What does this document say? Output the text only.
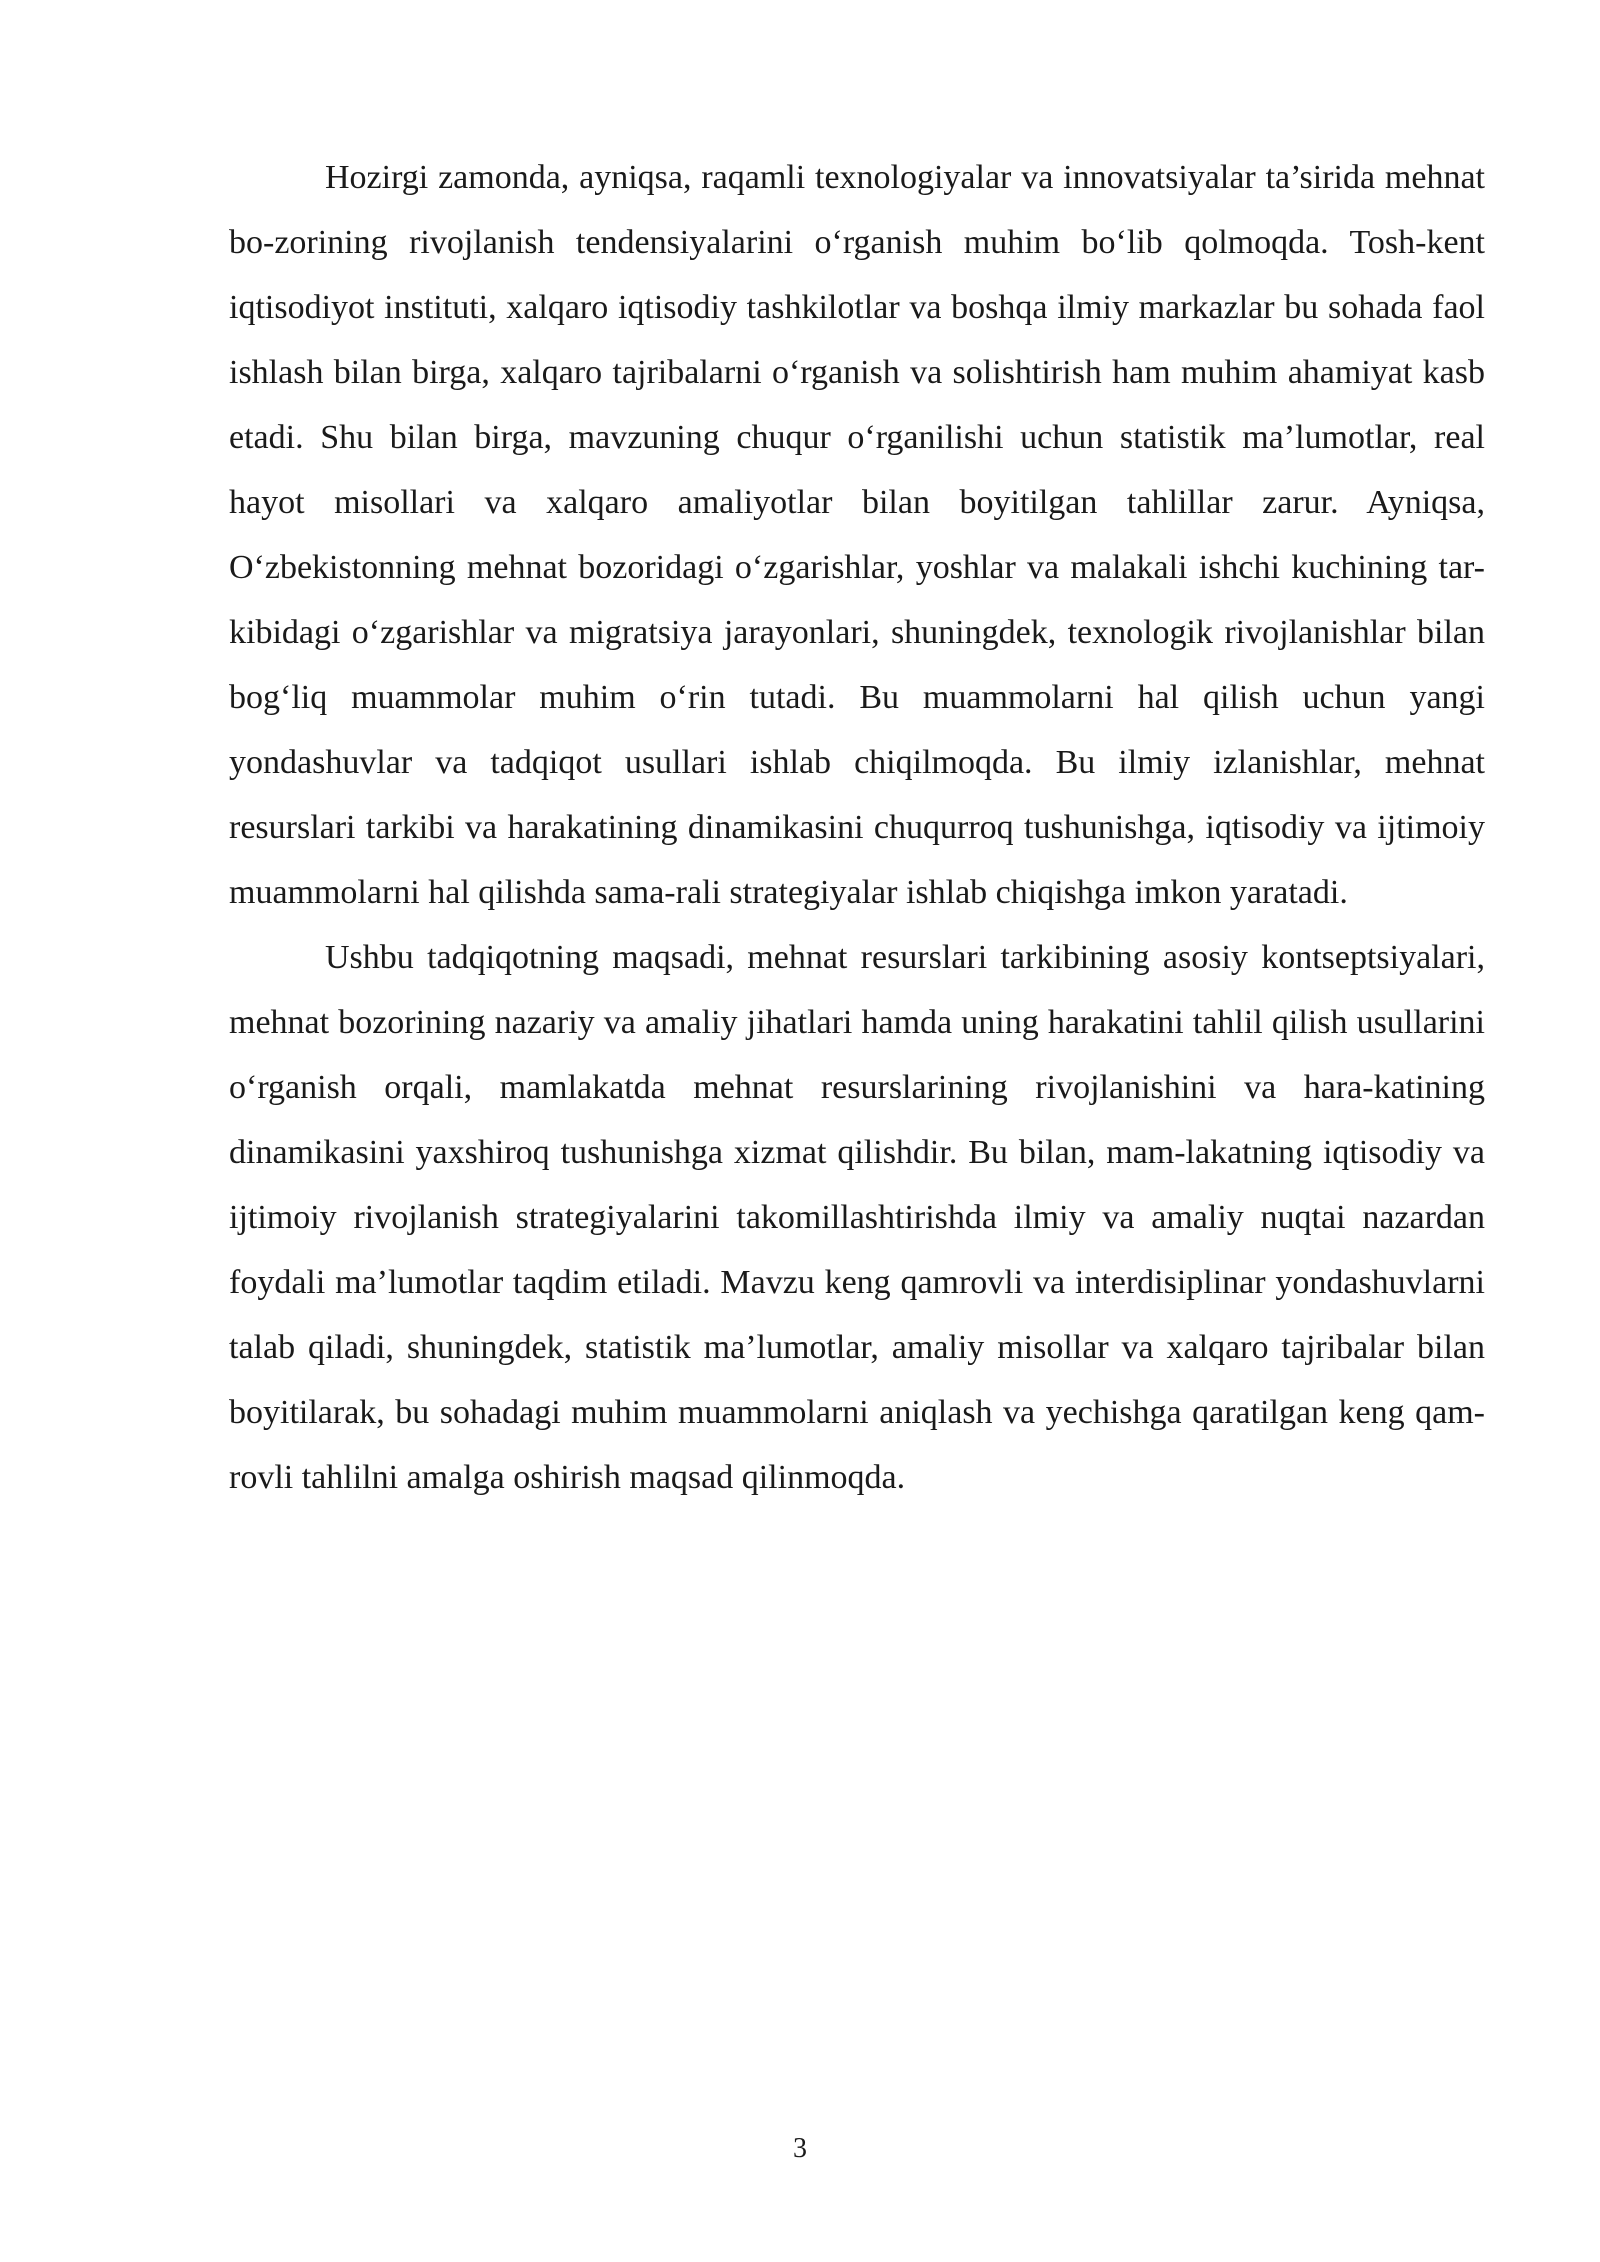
Hozirgi zamonda, ayniqsa, raqamli texnologiyalar va innovatsiyalar ta’sirida mehnat bo-zorining rivojlanish tendensiyalarini o‘rganish muhim bo‘lib qolmoqda. Tosh-kent iqtisodiyot instituti, xalqaro iqtisodiy tashkilotlar va boshqa ilmiy markazlar bu sohada faol ishlash bilan birga, xalqaro tajribalarni o‘rganish va solishtirish ham muhim ahamiyat kasb etadi. Shu bilan birga, mavzuning chuqur o‘rganilishi uchun statistik ma’lumotlar, real hayot misollari va xalqaro amaliyotlar bilan boyitilgan tahlillar zarur. Ayniqsa, O‘zbekistonning mehnat bozoridagi o‘zgarishlar, yoshlar va malakali ishchi kuchining tar-kibidagi o‘zgarishlar va migratsiya jarayonlari, shuningdek, texnologik rivojlanishlar bilan bog‘liq muammolar muhim o‘rin tutadi. Bu muammolarni hal qilish uchun yangi yondashuvlar va tadqiqot usullari ishlab chiqilmoqda. Bu ilmiy izlanishlar, mehnat resurslari tarkibi va harakatining dinamikasini chuqurroq tushunishga, iqtisodiy va ijtimoiy muammolarni hal qilishda sama-rali strategiyalar ishlab chiqishga imkon yaratadi.

Ushbu tadqiqotning maqsadi, mehnat resurslari tarkibining asosiy kontseptsiyalari, mehnat bozorining nazariy va amaliy jihatlari hamda uning harakatini tahlil qilish usullarini o‘rganish orqali, mamlakatda mehnat resurslarining rivojlanishini va hara-katining dinamikasini yaxshiroq tushunishga xizmat qilishdir. Bu bilan, mam-lakatning iqtisodiy va ijtimoiy rivojlanish strategiyalarini takomillashtirishda ilmiy va amaliy nuqtai nazardan foydali ma’lumotlar taqdim etiladi. Mavzu keng qamrovli va interdisiplinar yondashuvlarni talab qiladi, shuningdek, statistik ma’lumotlar, amaliy misollar va xalqaro tajribalar bilan boyitilarak, bu sohadagi muhim muammolarni aniqlash va yechishga qaratilgan keng qam-rovli tahlilni amalga oshirish maqsad qilinmoqda.

3
